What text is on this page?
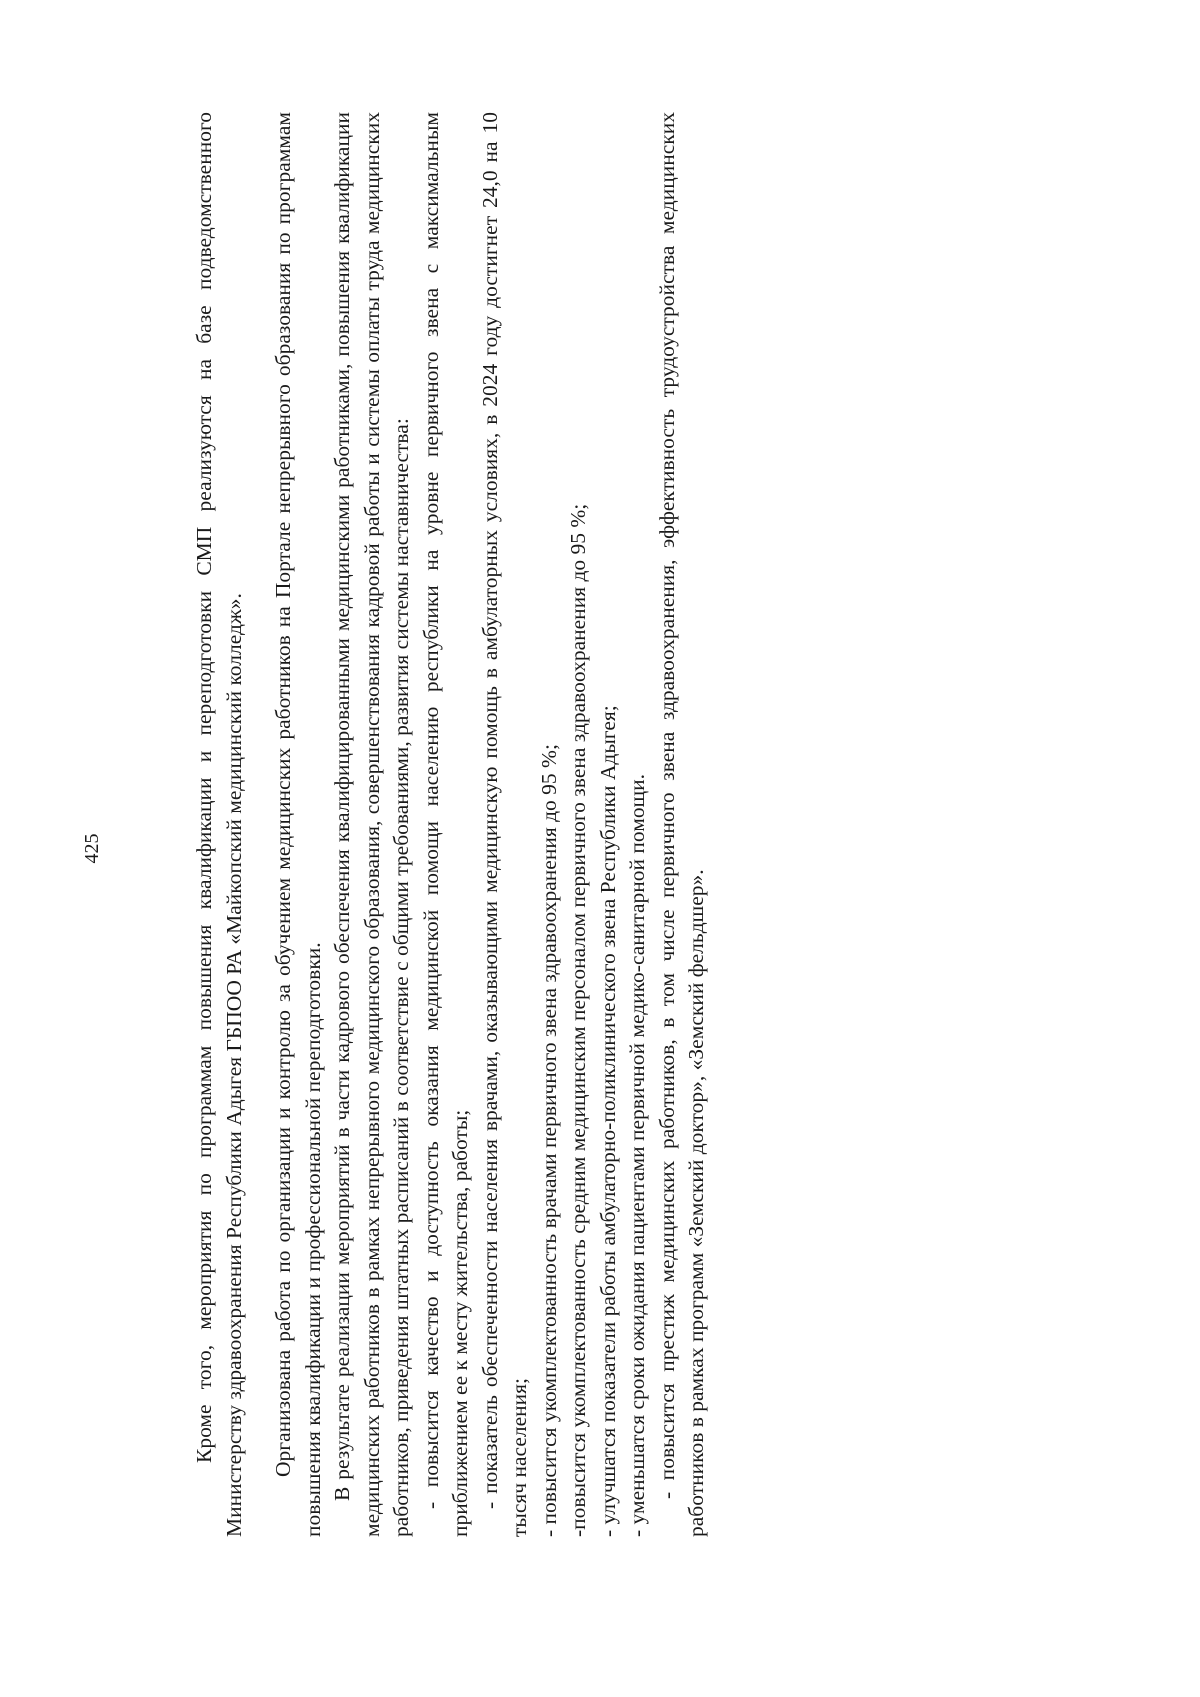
425	Кроме того, мероприятия по программам повышения квалификации и переподготовки СМП реализуются на базе подведомственного Министерству здравоохранения Республики Адыгея ГБПОО РА «Майкопский медицинский колледж». Организована работа по организации и контролю за обучением медицинских работников на Портале непрерывного образования по программам повышения квалификации и профессиональной переподготовки. В результате реализации мероприятий в части кадрового обеспечения квалифицированными медицинскими работниками, повышения квалификации медицинских работников в рамках непрерывного медицинского образования, совершенствования кадровой работы и системы оплаты труда медицинских работников, приведения штатных расписаний в соответствие с общими требованиями, развития системы наставничества: - повысится качество и доступность оказания медицинской помощи населению республики на уровне первичного звена с максимальным приближением ее к месту жительства, работы; - показатель обеспеченности населения врачами, оказывающими медицинскую помощь в амбулаторных условиях, в 2024 году достигнет 24,0 на 10 тысяч населения; - повысится укомплектованность врачами первичного звена здравоохранения до 95 %; -повысится укомплектованность средним медицинским персоналом первичного звена здравоохранения до 95 %; - улучшатся показатели работы амбулаторно-поликлинического звена Республики Адыгея; - уменьшатся сроки ожидания пациентами первичной медико-санитарной помощи. - повысится престиж медицинских работников, в том числе первичного звена здравоохранения, эффективность трудоустройства медицинских работников в рамках программ «Земский доктор», «Земский фельдшер».
